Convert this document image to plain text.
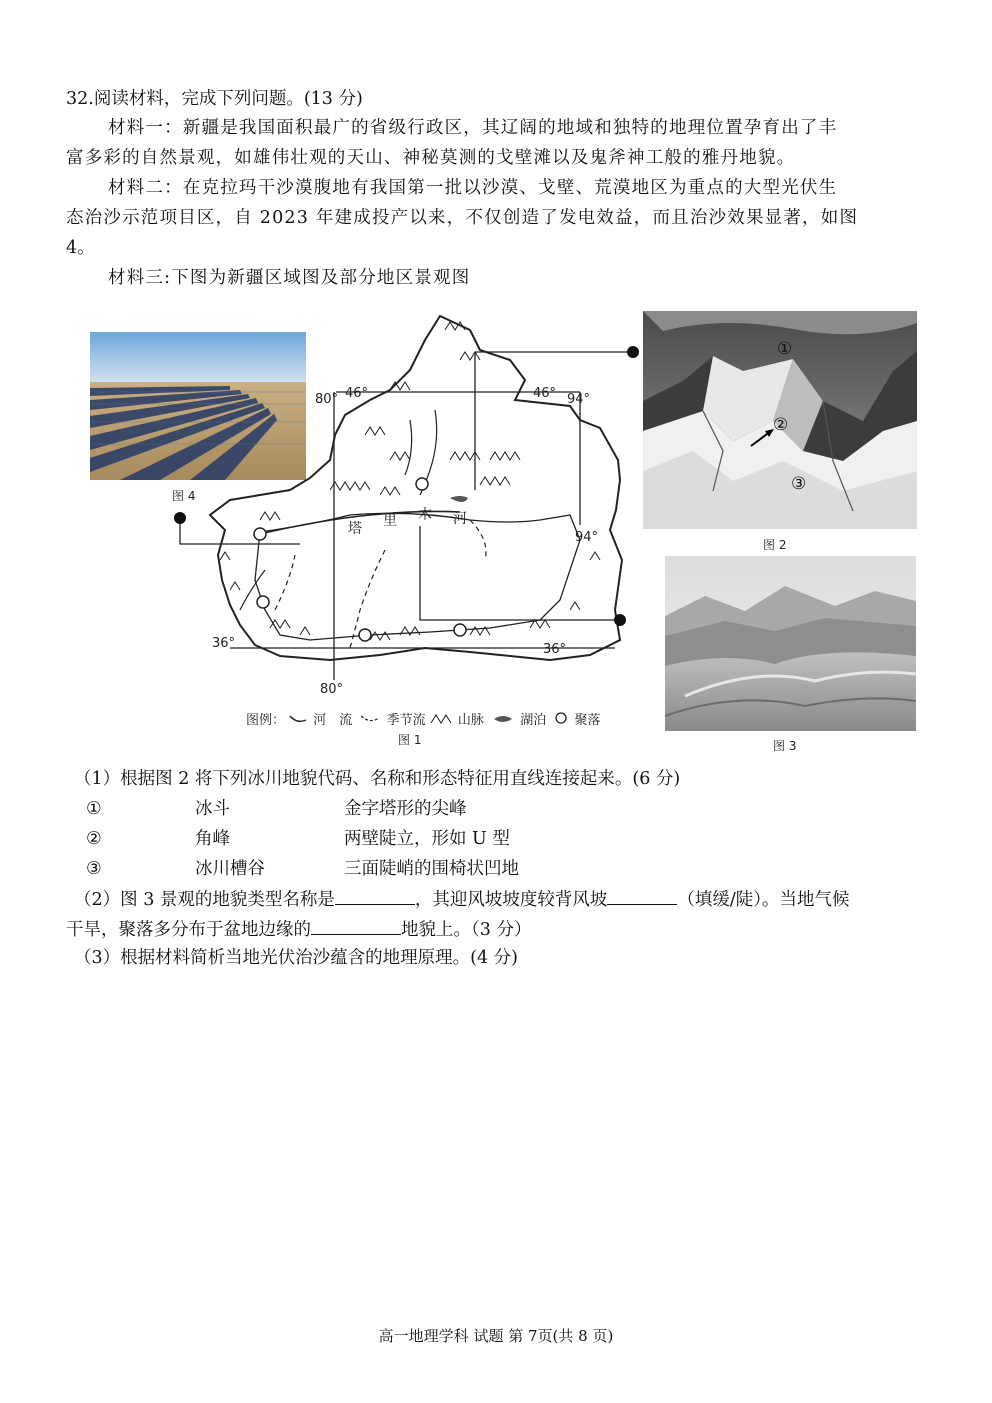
32.阅读材料，完成下列问题。(13 分)
材料一：新疆是我国面积最广的省级行政区，其辽阔的地域和独特的地理位置孕育出了丰
富多彩的自然景观，如雄伟壮观的天山、神秘莫测的戈壁滩以及鬼斧神工般的雅丹地貌。
材料二：在克拉玛干沙漠腹地有我国第一批以沙漠、戈壁、荒漠地区为重点的大型光伏生
态治沙示范项目区，自 2023 年建成投产以来，不仅创造了发电效益，而且治沙效果显著，如图
4。
材料三:下图为新疆区域图及部分地区景观图
图 4
①
②
③
图 2
图 3
46°	46°
36°	36°
80°	94°
94°
80°
塔 里 木 河
图例： 河　流	季节流 山脉	湖泊 聚落
图 1
（1）根据图 2 将下列冰川地貌代码、名称和形态特征用直线连接起来。(6 分)
①	冰斗	金字塔形的尖峰
②	角峰	两壁陡立，形如 U 型
③	冰川槽谷	三面陡峭的围椅状凹地
（2）图 3 景观的地貌类型名称是	，其迎风坡坡度较背风坡	（填缓/陡）。当地气候
干旱，聚落多分布于盆地边缘的	地貌上。（3 分）
（3）根据材料简析当地光伏治沙蕴含的地理原理。(4 分)
高一地理学科 试题 第 7页(共 8 页)
